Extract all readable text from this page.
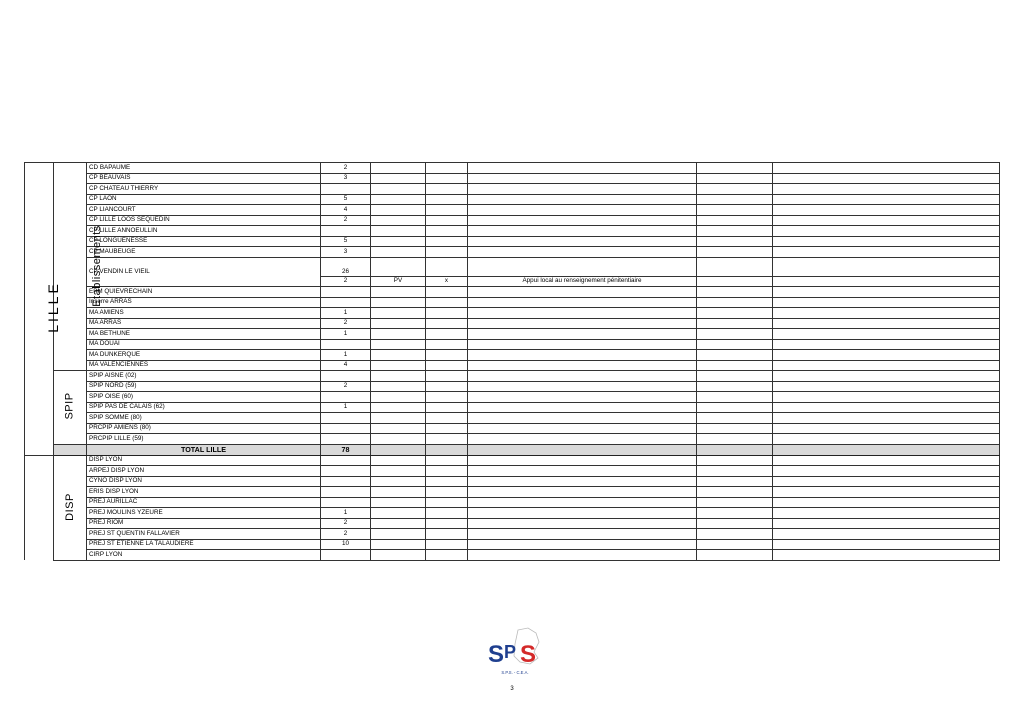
LILLE	Etablissements	CD BAPAUME	2						
		CP BEAUVAIS	3						
		CP CHATEAU THIERRY							
		CP LAON	5						
		CP LIANCOURT	4						
		CP LILLE LOOS SEQUEDIN	2						
		CP LILLE ANNOEULLIN							
		CP LONGUENESSE	5						
		CP MAUBEUGE	3						
		CP VENDIN LE VIEIL	26						
			2	PV	x	Appui local au renseignement pénitentiaire			
		EPM QUIEVRECHAIN							
		Inserre ARRAS							
		MA AMIENS	1						
		MA ARRAS	2						
		MA BETHUNE	1						
		MA DOUAI							
		MA DUNKERQUE	1						
		MA VALENCIENNES	4						
	SPIP	SPIP AISNE (02)							
		SPIP NORD (59)	2						
		SPIP OISE (60)							
		SPIP PAS DE CALAIS (62)	1						
		SPIP SOMME (80)							
		PRCPIP AMIENS (80)							
		PRCPIP LILLE (59)							
		TOTAL LILLE	78						
	DISP	DISP LYON							
		ARPEJ DISP LYON							
		CYNO DISP LYON							
		ERIS DISP LYON							
		PREJ AURILLAC							
		PREJ MOULINS YZEURE	1						
		PREJ RIOM	2						
		PREJ ST QUENTIN FALLAVIER	2						
		PREJ ST ETIENNE LA TALAUDIERE	10						
		CIRP LYON							
S P S
S.P.S. - C.E.A.
3
